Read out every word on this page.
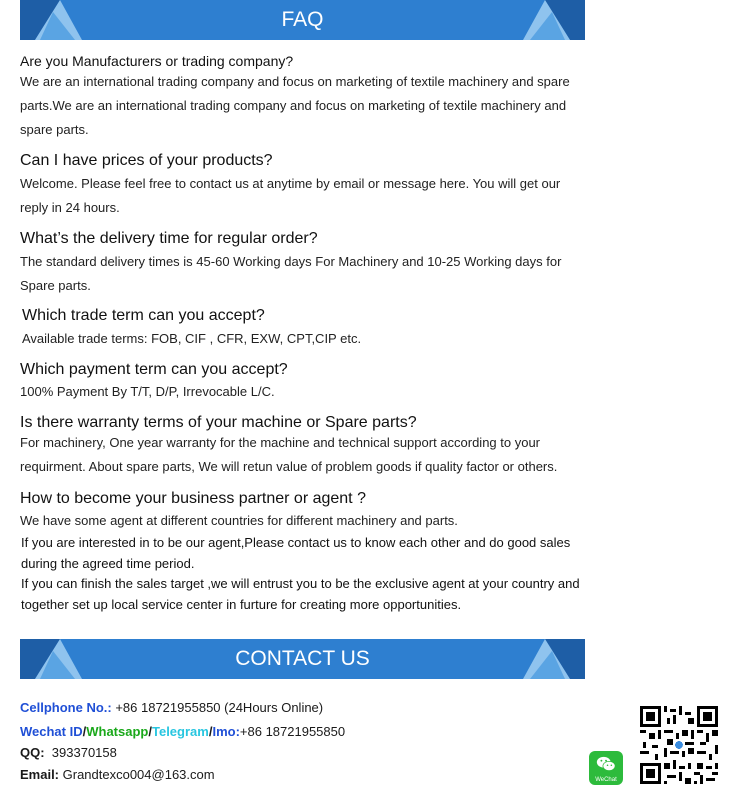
FAQ
Are you Manufacturers or trading company?
We are an international trading company and focus on marketing of textile machinery and spare parts.We are an international trading company and focus on marketing of textile machinery and spare parts.
Can I have prices of your products?
Welcome. Please feel free to contact us at anytime by email or message here. You will get our reply in 24 hours.
What’s the delivery time for regular order?
The standard delivery times is 45-60 Working days For Machinery and 10-25 Working days for Spare parts.
Which trade term can you accept?
Available trade terms: FOB, CIF , CFR, EXW, CPT,CIP etc.
Which payment term can you accept?
100% Payment By T/T, D/P, Irrevocable L/C.
Is there warranty terms of your machine or Spare parts?
For machinery, One year warranty for the machine and technical support according to your requirment. About spare parts, We will retun value of problem goods if quality factor or others.
How to become your business partner or agent ?
We have some agent at different countries for different machinery and parts.
If you are interested in to be our agent,Please contact us to know each other and do good sales during the agreed time period.
If you can finish the sales target ,we will entrust you to be the exclusive agent at your country and together set up local service center in furture for creating more opportunities.
CONTACT US
Cellphone No.: +86 18721955850 (24Hours Online)
Wechat ID/Whatsapp/Telegram/Imo:+86 18721955850
QQ: 393370158
Email: Grandtexco004@163.com	WeChat
